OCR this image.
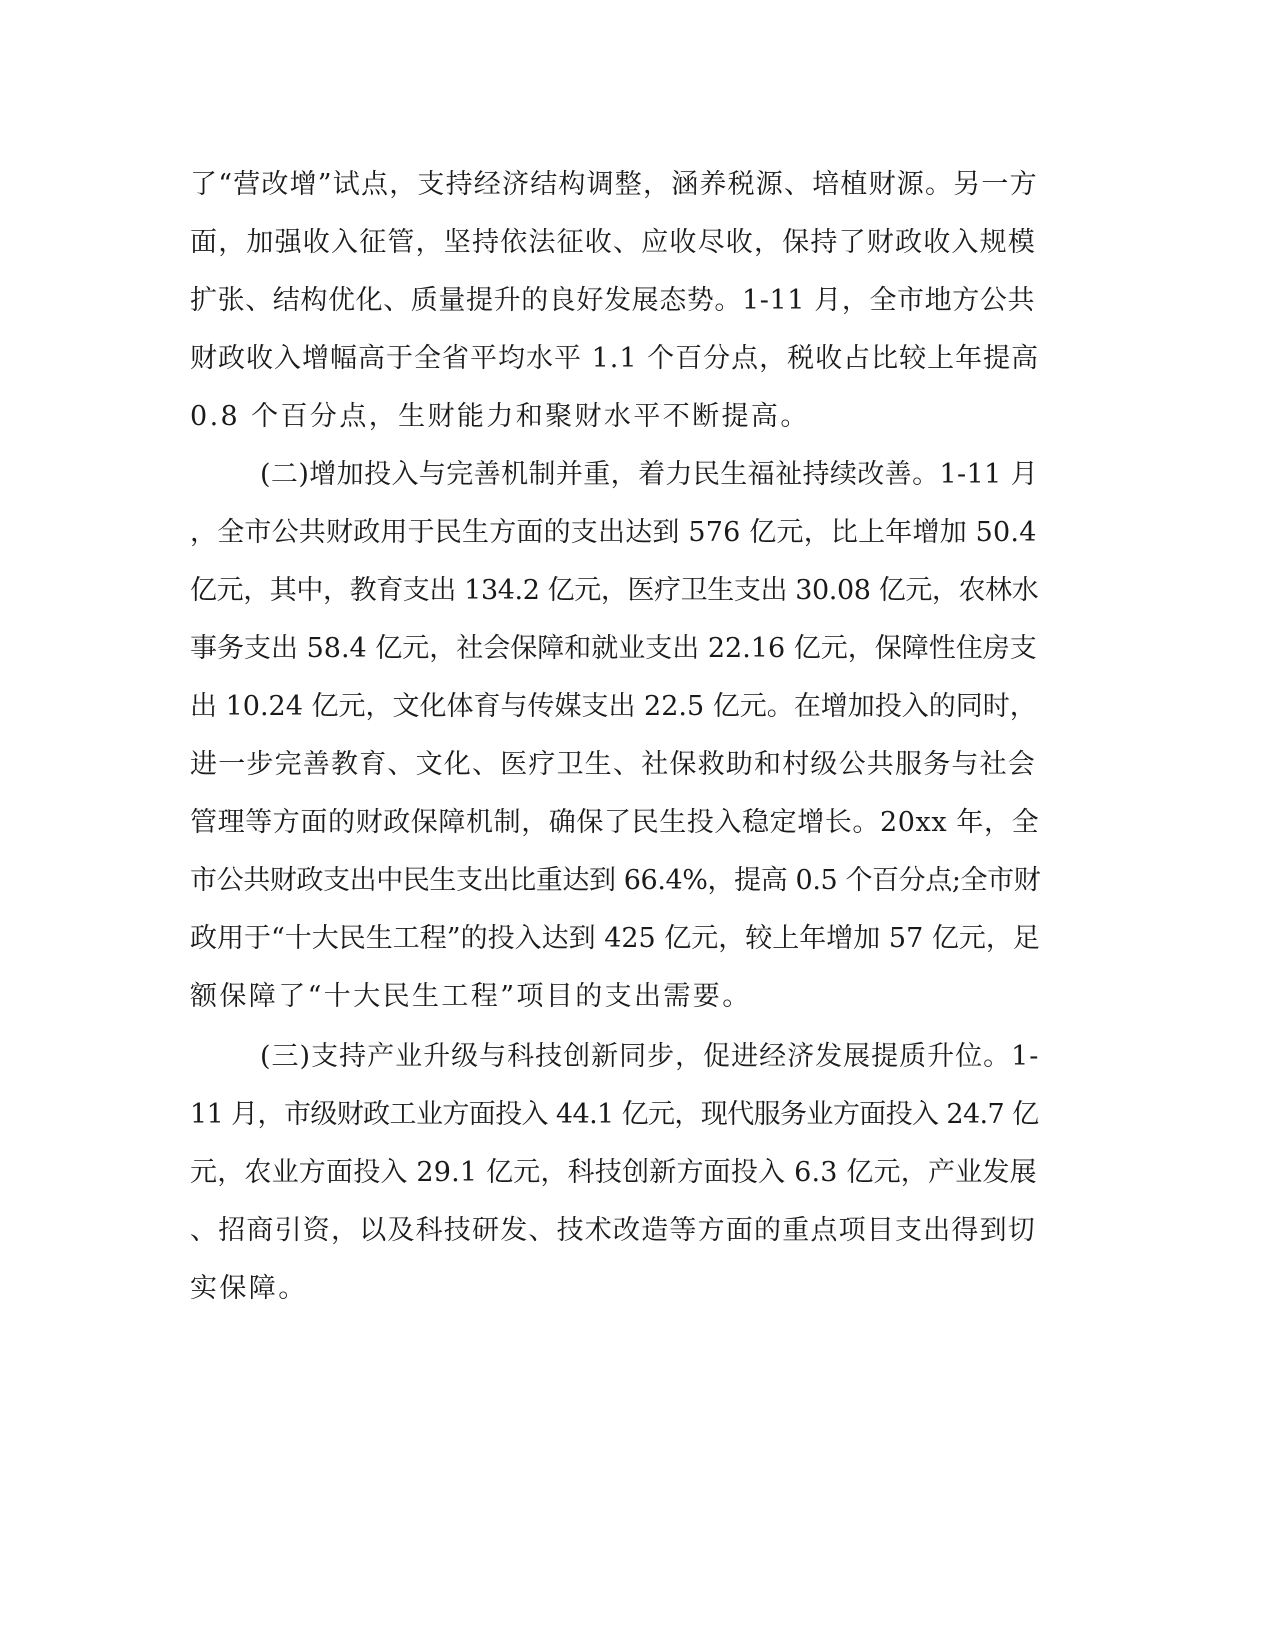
了“营改增”试点，支持经济结构调整，涵养税源、培植财源。另一方
面，加强收入征管，坚持依法征收、应收尽收，保持了财政收入规模
扩张、结构优化、质量提升的良好发展态势。1-11 月，全市地方公共
财政收入增幅高于全省平均水平 1.1 个百分点，税收占比较上年提高
0.8 个百分点，生财能力和聚财水平不断提高。
(二)增加投入与完善机制并重，着力民生福祉持续改善。1-11 月
，全市公共财政用于民生方面的支出达到 576 亿元，比上年增加 50.4
亿元，其中，教育支出 134.2 亿元，医疗卫生支出 30.08 亿元，农林水
事务支出 58.4 亿元，社会保障和就业支出 22.16 亿元，保障性住房支
出 10.24 亿元，文化体育与传媒支出 22.5 亿元。在增加投入的同时，
进一步完善教育、文化、医疗卫生、社保救助和村级公共服务与社会
管理等方面的财政保障机制，确保了民生投入稳定增长。20xx 年，全
市公共财政支出中民生支出比重达到 66.4%，提高 0.5 个百分点;全市财
政用于“十大民生工程”的投入达到 425 亿元，较上年增加 57 亿元，足
额保障了“十大民生工程”项目的支出需要。
(三)支持产业升级与科技创新同步，促进经济发展提质升位。1-
11 月，市级财政工业方面投入 44.1 亿元，现代服务业方面投入 24.7 亿
元，农业方面投入 29.1 亿元，科技创新方面投入 6.3 亿元，产业发展
、招商引资，以及科技研发、技术改造等方面的重点项目支出得到切
实保障。
